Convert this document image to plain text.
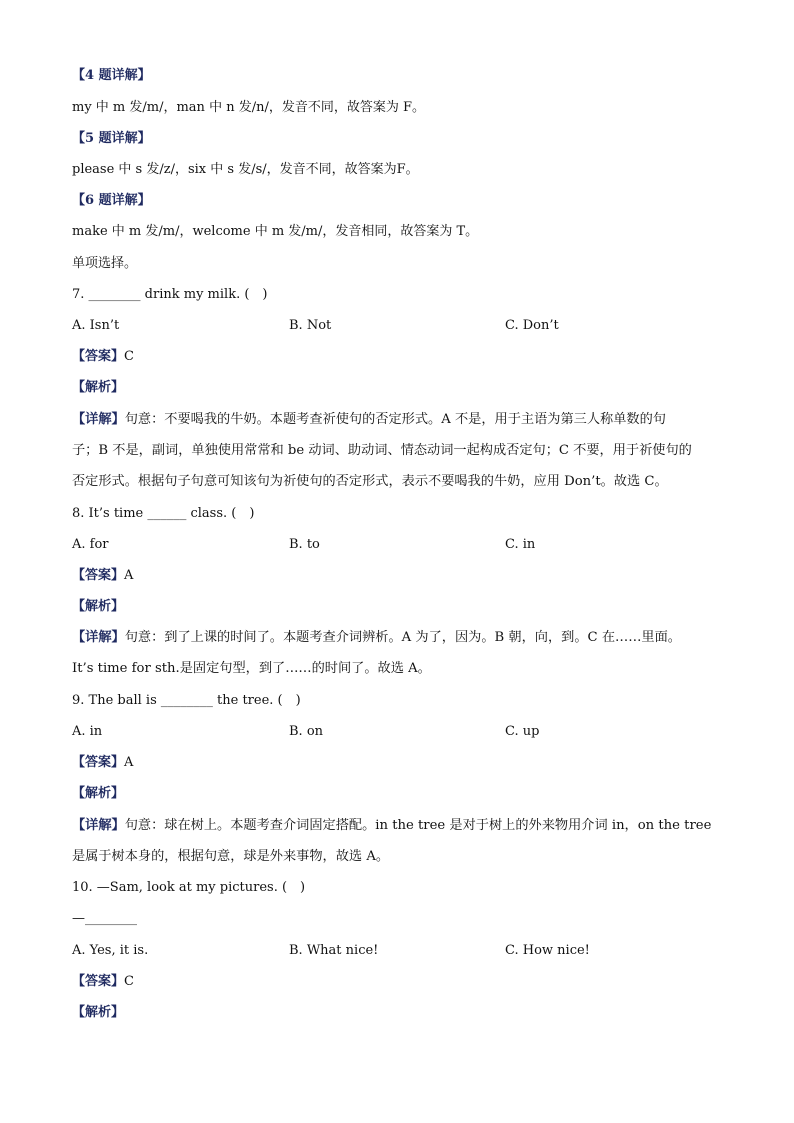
【4 题详解】
my 中 m 发/m/，man 中 n 发/n/，发音不同，故答案为 F。
【5 题详解】
please 中 s 发/z/，six 中 s 发/s/，发音不同，故答案为F。
【6 题详解】
make 中 m 发/m/，welcome 中 m 发/m/，发音相同，故答案为 T。
单项选择。
7. ________ drink my milk. (　)
A. Isn’t	B. Not	C. Don’t
【答案】C
【解析】
【详解】句意：不要喝我的牛奶。本题考查祈使句的否定形式。A 不是，用于主语为第三人称单数的句
子；B 不是，副词，单独使用常常和 be 动词、助动词、情态动词一起构成否定句；C 不要，用于祈使句的
否定形式。根据句子句意可知该句为祈使句的否定形式，表示不要喝我的牛奶，应用 Don’t。故选 C。
8. It’s time ______ class. (　)
A. for	B. to	C. in
【答案】A
【解析】
【详解】句意：到了上课的时间了。本题考查介词辨析。A 为了，因为。B 朝，向，到。C 在……里面。
It’s time for sth.是固定句型，到了……的时间了。故选 A。
9. The ball is ________ the tree. (　)
A. in	B. on	C. up
【答案】A
【解析】
【详解】句意：球在树上。本题考查介词固定搭配。in the tree 是对于树上的外来物用介词 in，on the tree
是属于树本身的，根据句意，球是外来事物，故选 A。
10. —Sam, look at my pictures. (　)
—________
A. Yes, it is.	B. What nice!	C. How nice!
【答案】C
【解析】
